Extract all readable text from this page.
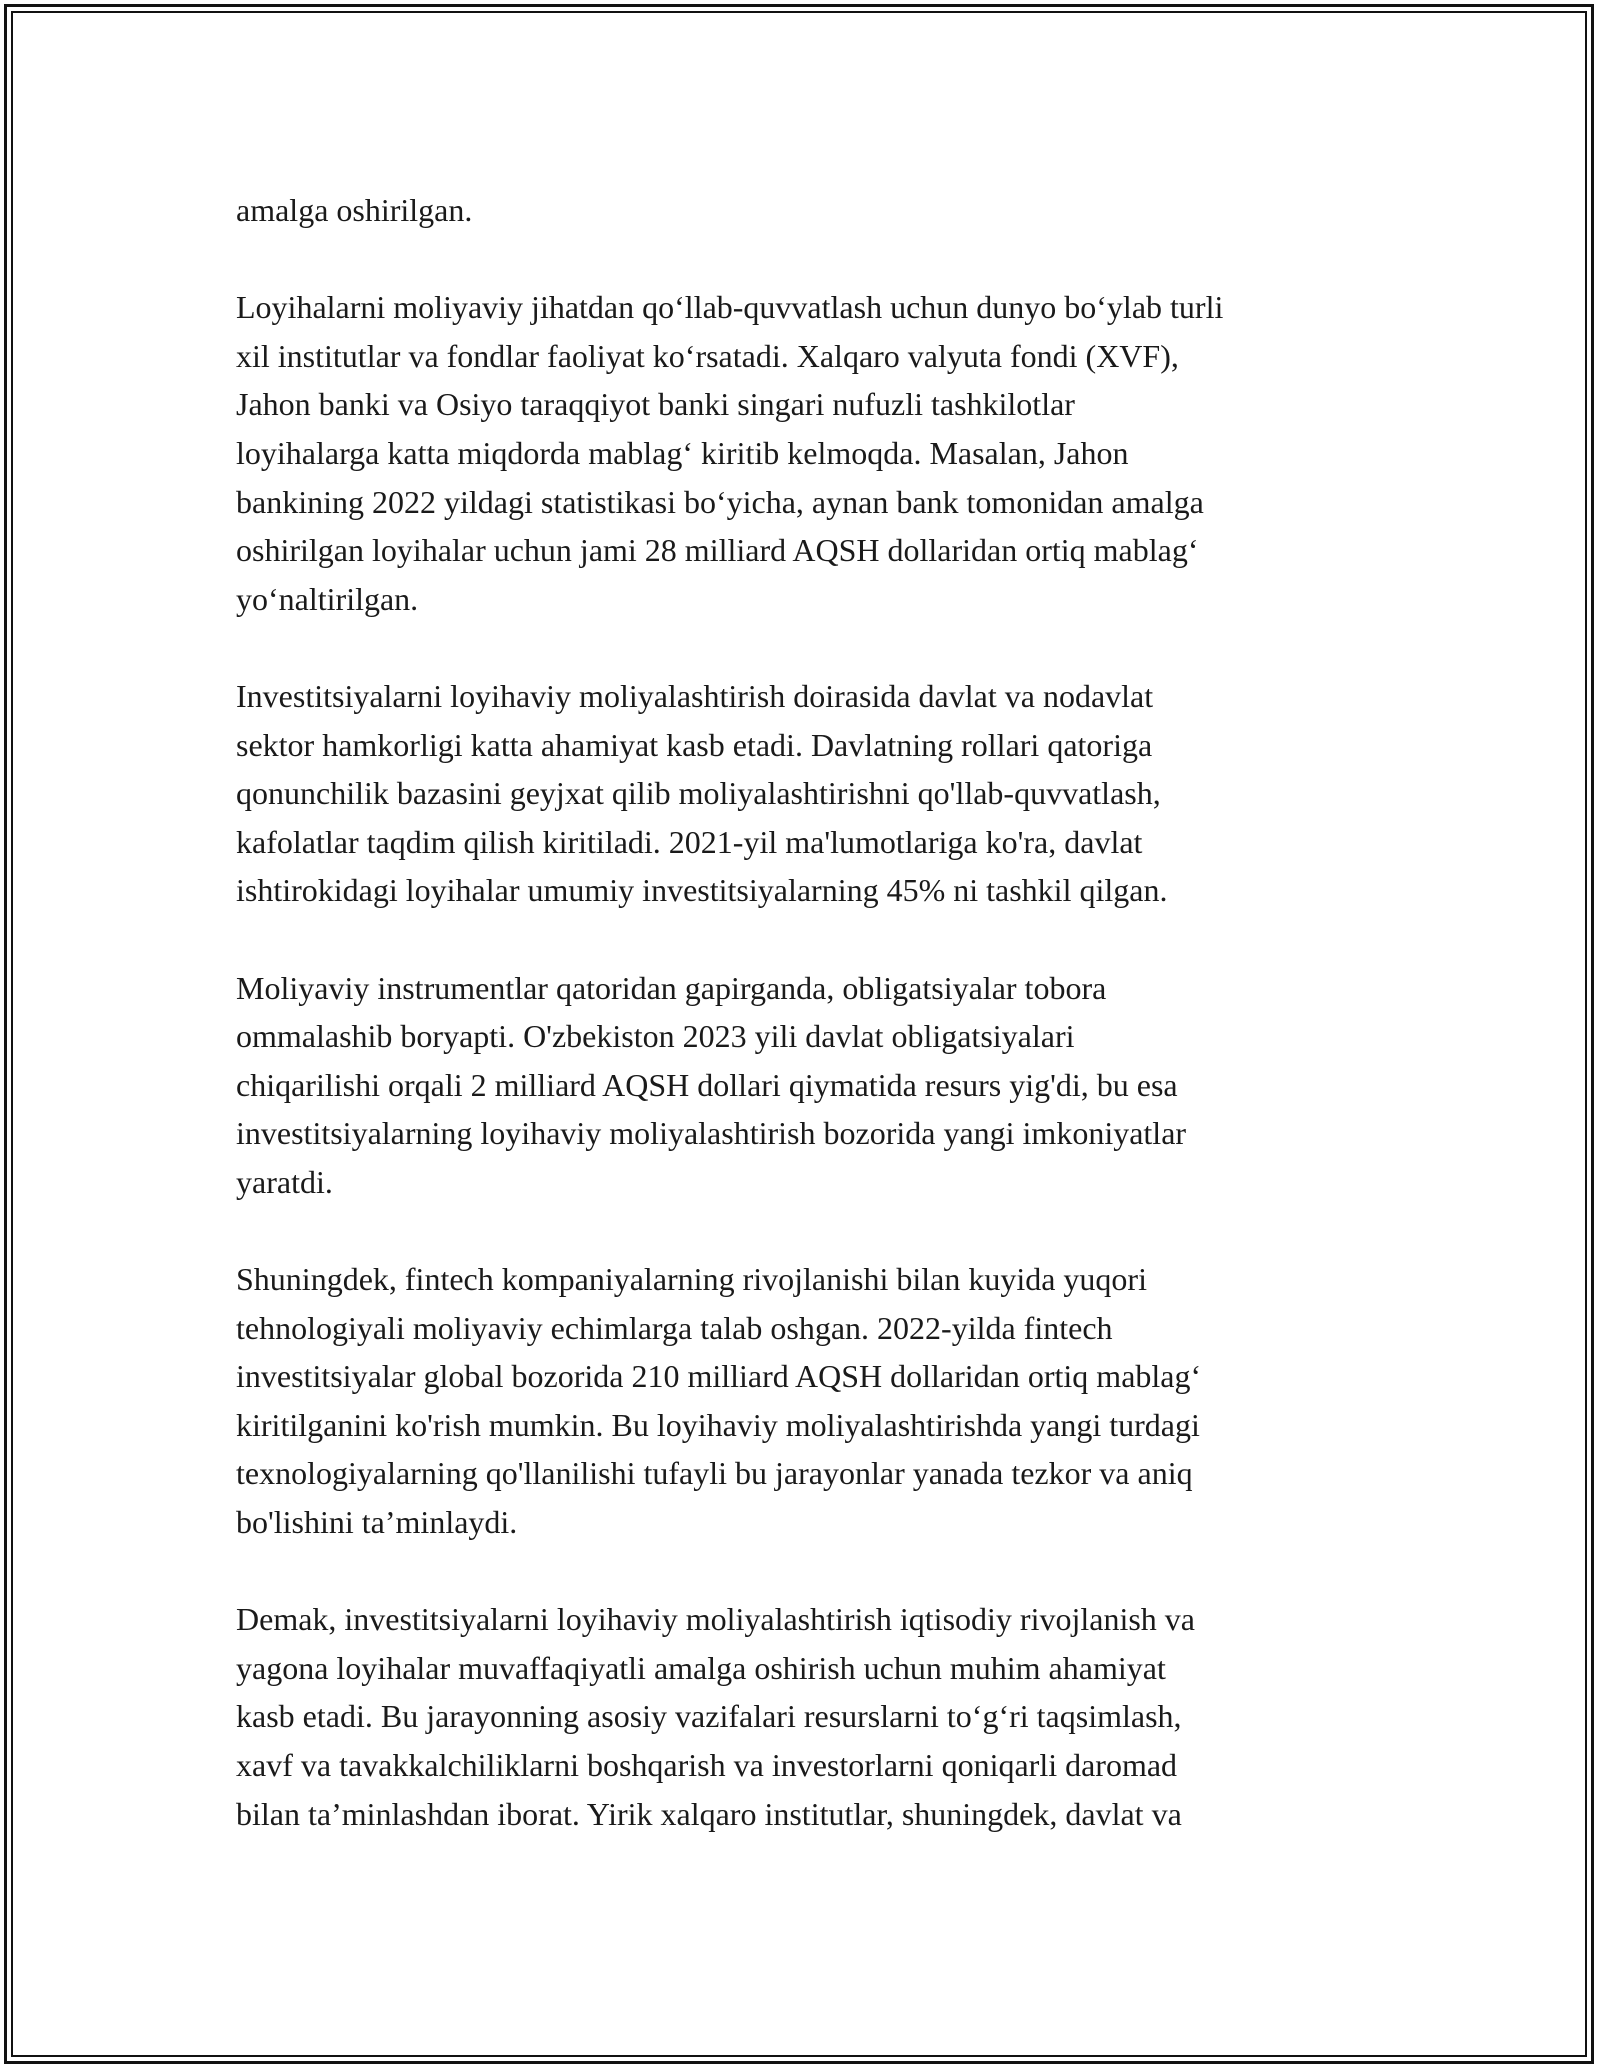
amalga oshirilgan.

Loyihalarni moliyaviy jihatdan qo‘llab-quvvatlash uchun dunyo bo‘ylab turli
xil institutlar va fondlar faoliyat ko‘rsatadi. Xalqaro valyuta fondi (XVF),
Jahon banki va Osiyo taraqqiyot banki singari nufuzli tashkilotlar
loyihalarga katta miqdorda mablag‘ kiritib kelmoqda. Masalan, Jahon
bankining 2022 yildagi statistikasi bo‘yicha, aynan bank tomonidan amalga
oshirilgan loyihalar uchun jami 28 milliard AQSH dollaridan ortiq mablag‘
yo‘naltirilgan.

Investitsiyalarni loyihaviy moliyalashtirish doirasida davlat va nodavlat
sektor hamkorligi katta ahamiyat kasb etadi. Davlatning rollari qatoriga
qonunchilik bazasini geyjxat qilib moliyalashtirishni qo'llab-quvvatlash,
kafolatlar taqdim qilish kiritiladi. 2021-yil ma'lumotlariga ko'ra, davlat
ishtirokidagi loyihalar umumiy investitsiyalarning 45% ni tashkil qilgan.

Moliyaviy instrumentlar qatoridan gapirganda, obligatsiyalar tobora
ommalashib boryapti. O'zbekiston 2023 yili davlat obligatsiyalari
chiqarilishi orqali 2 milliard AQSH dollari qiymatida resurs yig'di, bu esa
investitsiyalarning loyihaviy moliyalashtirish bozorida yangi imkoniyatlar
yaratdi.

Shuningdek, fintech kompaniyalarning rivojlanishi bilan kuyida yuqori
tehnologiyali moliyaviy echimlarga talab oshgan. 2022-yilda fintech
investitsiyalar global bozorida 210 milliard AQSH dollaridan ortiq mablag‘
kiritilganini ko'rish mumkin. Bu loyihaviy moliyalashtirishda yangi turdagi
texnologiyalarning qo'llanilishi tufayli bu jarayonlar yanada tezkor va aniq
bo'lishini ta’minlaydi.

Demak, investitsiyalarni loyihaviy moliyalashtirish iqtisodiy rivojlanish va
yagona loyihalar muvaffaqiyatli amalga oshirish uchun muhim ahamiyat
kasb etadi. Bu jarayonning asosiy vazifalari resurslarni to‘g‘ri taqsimlash,
xavf va tavakkalchiliklarni boshqarish va investorlarni qoniqarli daromad
bilan ta’minlashdan iborat. Yirik xalqaro institutlar, shuningdek, davlat va
